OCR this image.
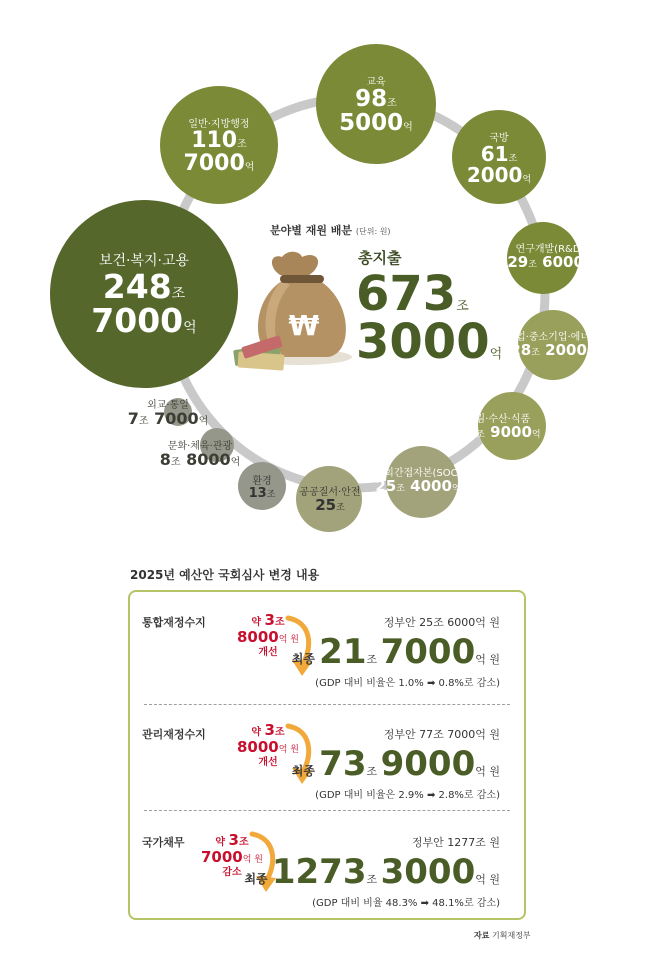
보건·복지·고용
248조
7000억
일반·지방행정
110조
7000억
교육
98조
5000억
국방
61조
2000억
연구개발(R&D)
29조 6000억
산업·중소기업·에너지
28조 2000억
농림·수산·식품
25조 9000억
사회간접자본(SOC)
25조 4000억
공공질서·안전
25조
환경
13조
문화·체육·관광
8조 8000억
외교·통일
7조 7000억
분야별 재원 배분 (단위: 원)
₩
총지출
673조
3000억
2025년 예산안 국회심사 변경 내용
통합재정수지	약 3조
8000억 원
개선
정부안 25조 6000억 원
최종 21조 7000억 원
(GDP 대비 비율은 1.0% ➡ 0.8%로 감소)
관리재정수지	약 3조
8000억 원
개선
정부안 77조 7000억 원
최종 73조 9000억 원
(GDP 대비 비율은 2.9% ➡ 2.8%로 감소)
국가채무	약 3조
7000억 원
감소
정부안 1277조 원
최종 1273조 3000억 원
(GDP 대비 비율 48.3% ➡ 48.1%로 감소)
자료 기획재정부
